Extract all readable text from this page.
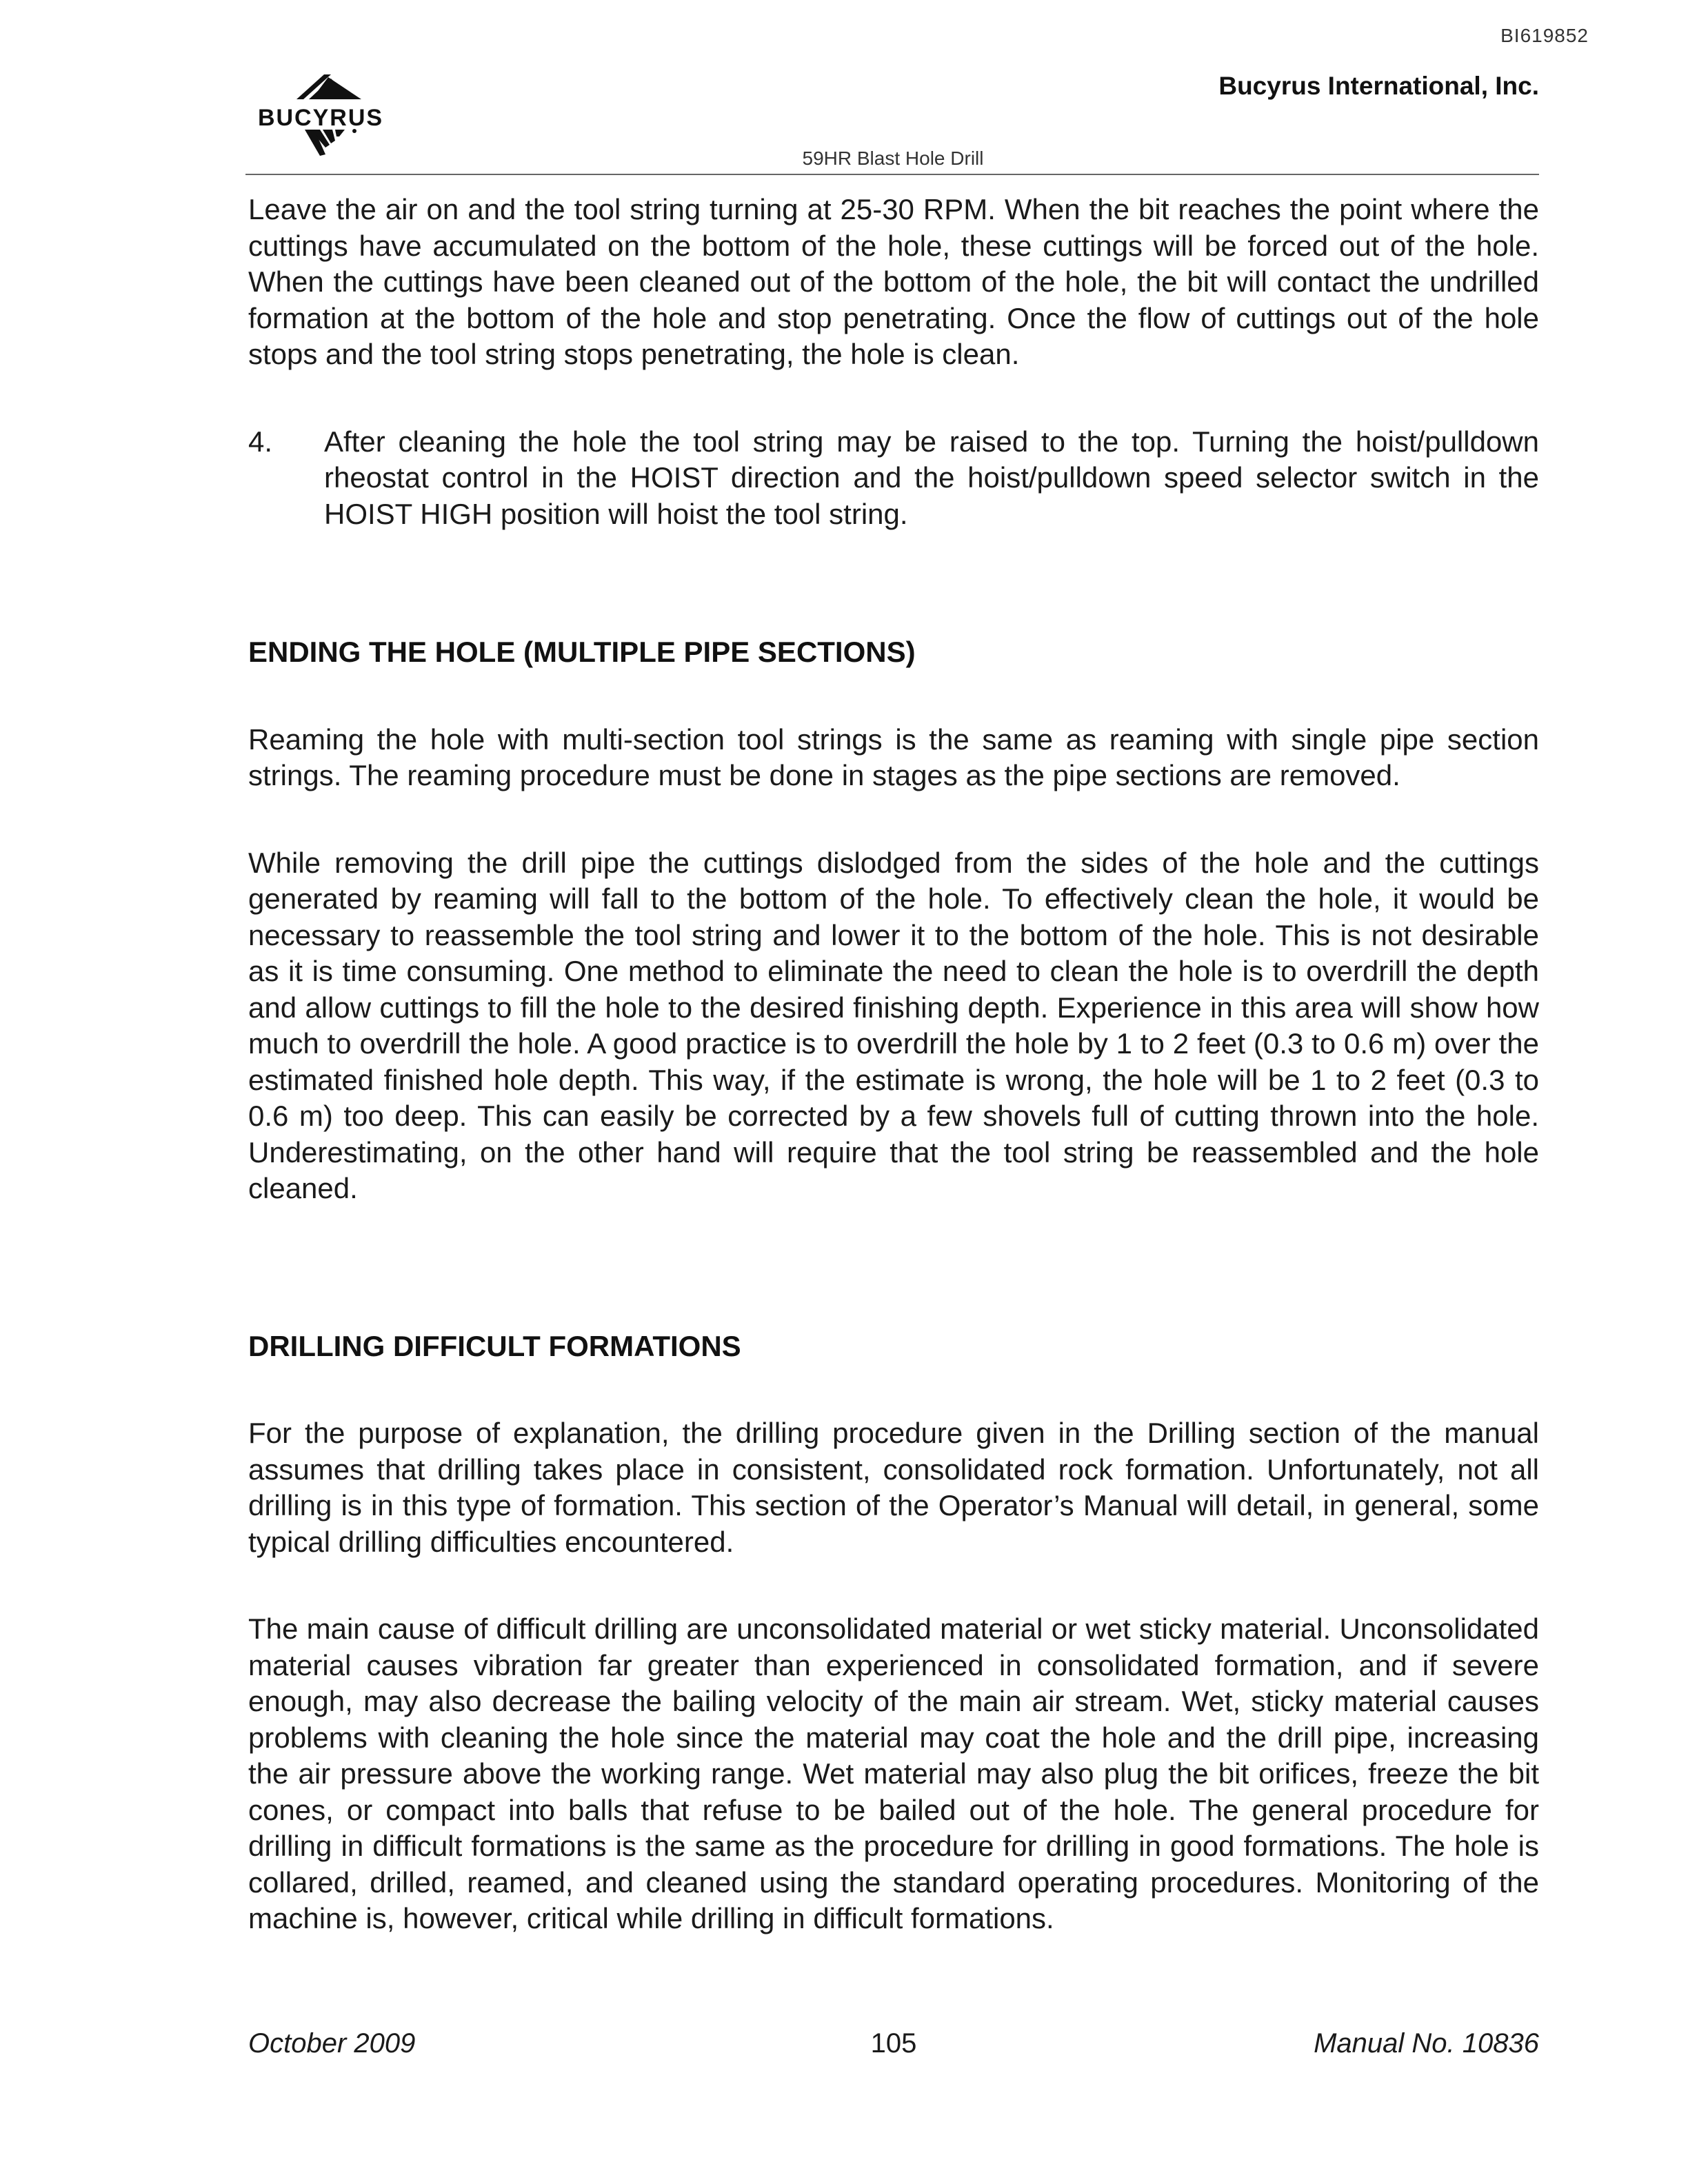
BI619852
BUCYRUS
Bucyrus International, Inc.
59HR Blast Hole Drill

Leave the air on and the tool string turning at 25-30 RPM. When the bit reaches the point where the cuttings have accumulated on the bottom of the hole, these cuttings will be forced out of the hole. When the cuttings have been cleaned out of the bottom of the hole, the bit will contact the undrilled formation at the bottom of the hole and stop penetrating. Once the flow of cuttings out of the hole stops and the tool string stops penetrating, the hole is clean.

4.	After cleaning the hole the tool string may be raised to the top. Turning the hoist/pulldown rheostat control in the HOIST direction and the hoist/pulldown speed selector switch in the HOIST HIGH position will hoist the tool string.

ENDING THE HOLE (MULTIPLE PIPE SECTIONS)

Reaming the hole with multi-section tool strings is the same as reaming with single pipe section strings. The reaming procedure must be done in stages as the pipe sections are removed.

While removing the drill pipe the cuttings dislodged from the sides of the hole and the cuttings generated by reaming will fall to the bottom of the hole. To effectively clean the hole, it would be necessary to reassemble the tool string and lower it to the bottom of the hole. This is not desirable as it is time consuming. One method to eliminate the need to clean the hole is to overdrill the depth and allow cuttings to fill the hole to the desired finishing depth. Experience in this area will show how much to overdrill the hole. A good practice is to overdrill the hole by 1 to 2 feet (0.3 to 0.6 m) over the estimated finished hole depth. This way, if the estimate is wrong, the hole will be 1 to 2 feet (0.3 to 0.6 m) too deep. This can easily be corrected by a few shovels full of cutting thrown into the hole. Underestimating, on the other hand will require that the tool string be reassembled and the hole cleaned.

DRILLING DIFFICULT FORMATIONS

For the purpose of explanation, the drilling procedure given in the Drilling section of the manual assumes that drilling takes place in consistent, consolidated rock formation. Unfortunately, not all drilling is in this type of formation. This section of the Operator’s Manual will detail, in general, some typical drilling difficulties encountered.

The main cause of difficult drilling are unconsolidated material or wet sticky material. Unconsolidated material causes vibration far greater than experienced in consolidated formation, and if severe enough, may also decrease the bailing velocity of the main air stream. Wet, sticky material causes problems with cleaning the hole since the material may coat the hole and the drill pipe, increasing the air pressure above the working range. Wet material may also plug the bit orifices, freeze the bit cones, or compact into balls that refuse to be bailed out of the hole. The general procedure for drilling in difficult formations is the same as the procedure for drilling in good formations. The hole is collared, drilled, reamed, and cleaned using the standard operating procedures. Monitoring of the machine is, however, critical while drilling in difficult formations.

October 2009	105	Manual No. 10836
